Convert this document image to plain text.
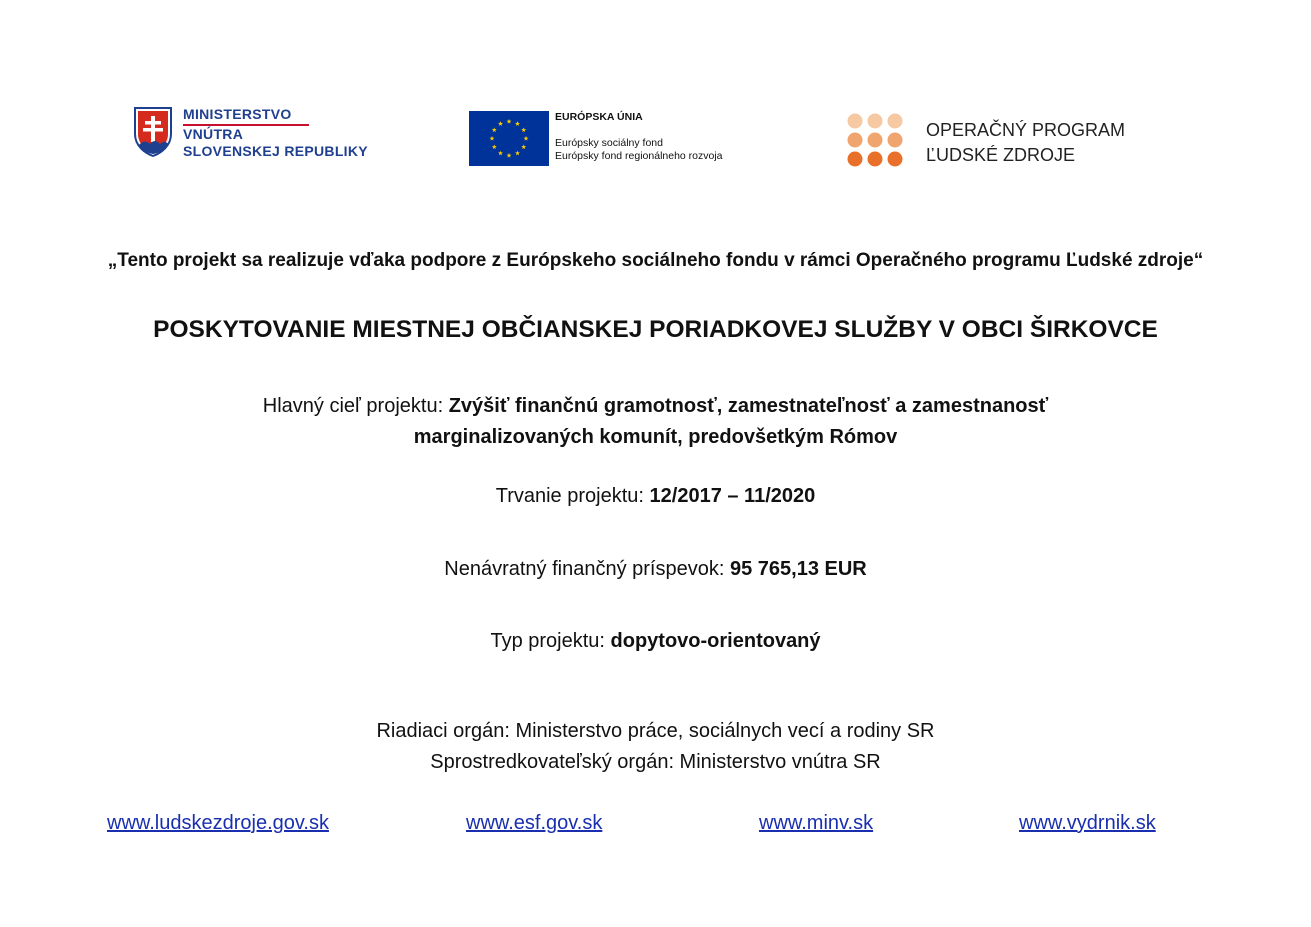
MINISTERSTVO
VNÚTRA
SLOVENSKEJ REPUBLIKY
EURÓPSKA ÚNIA
Európsky sociálny fond
Európsky fond regionálneho rozvoja
OPERAČNÝ PROGRAM
ĽUDSKÉ ZDROJE
„Tento projekt sa realizuje vďaka podpore z Európskeho sociálneho fondu v rámci Operačného programu Ľudské zdroje“
POSKYTOVANIE MIESTNEJ OBČIANSKEJ PORIADKOVEJ SLUŽBY V OBCI ŠIRKOVCE
Hlavný cieľ projektu: Zvýšiť finančnú gramotnosť, zamestnateľnosť a zamestnanosť
marginalizovaných komunít, predovšetkým Rómov
Trvanie projektu: 12/2017 – 11/2020
Nenávratný finančný príspevok: 95 765,13 EUR
Typ projektu: dopytovo-orientovaný
Riadiaci orgán: Ministerstvo práce, sociálnych vecí a rodiny SR
Sprostredkovateľský orgán: Ministerstvo vnútra SR
www.ludskezdroje.gov.sk	www.esf.gov.sk	www.minv.sk	www.vydrnik.sk
